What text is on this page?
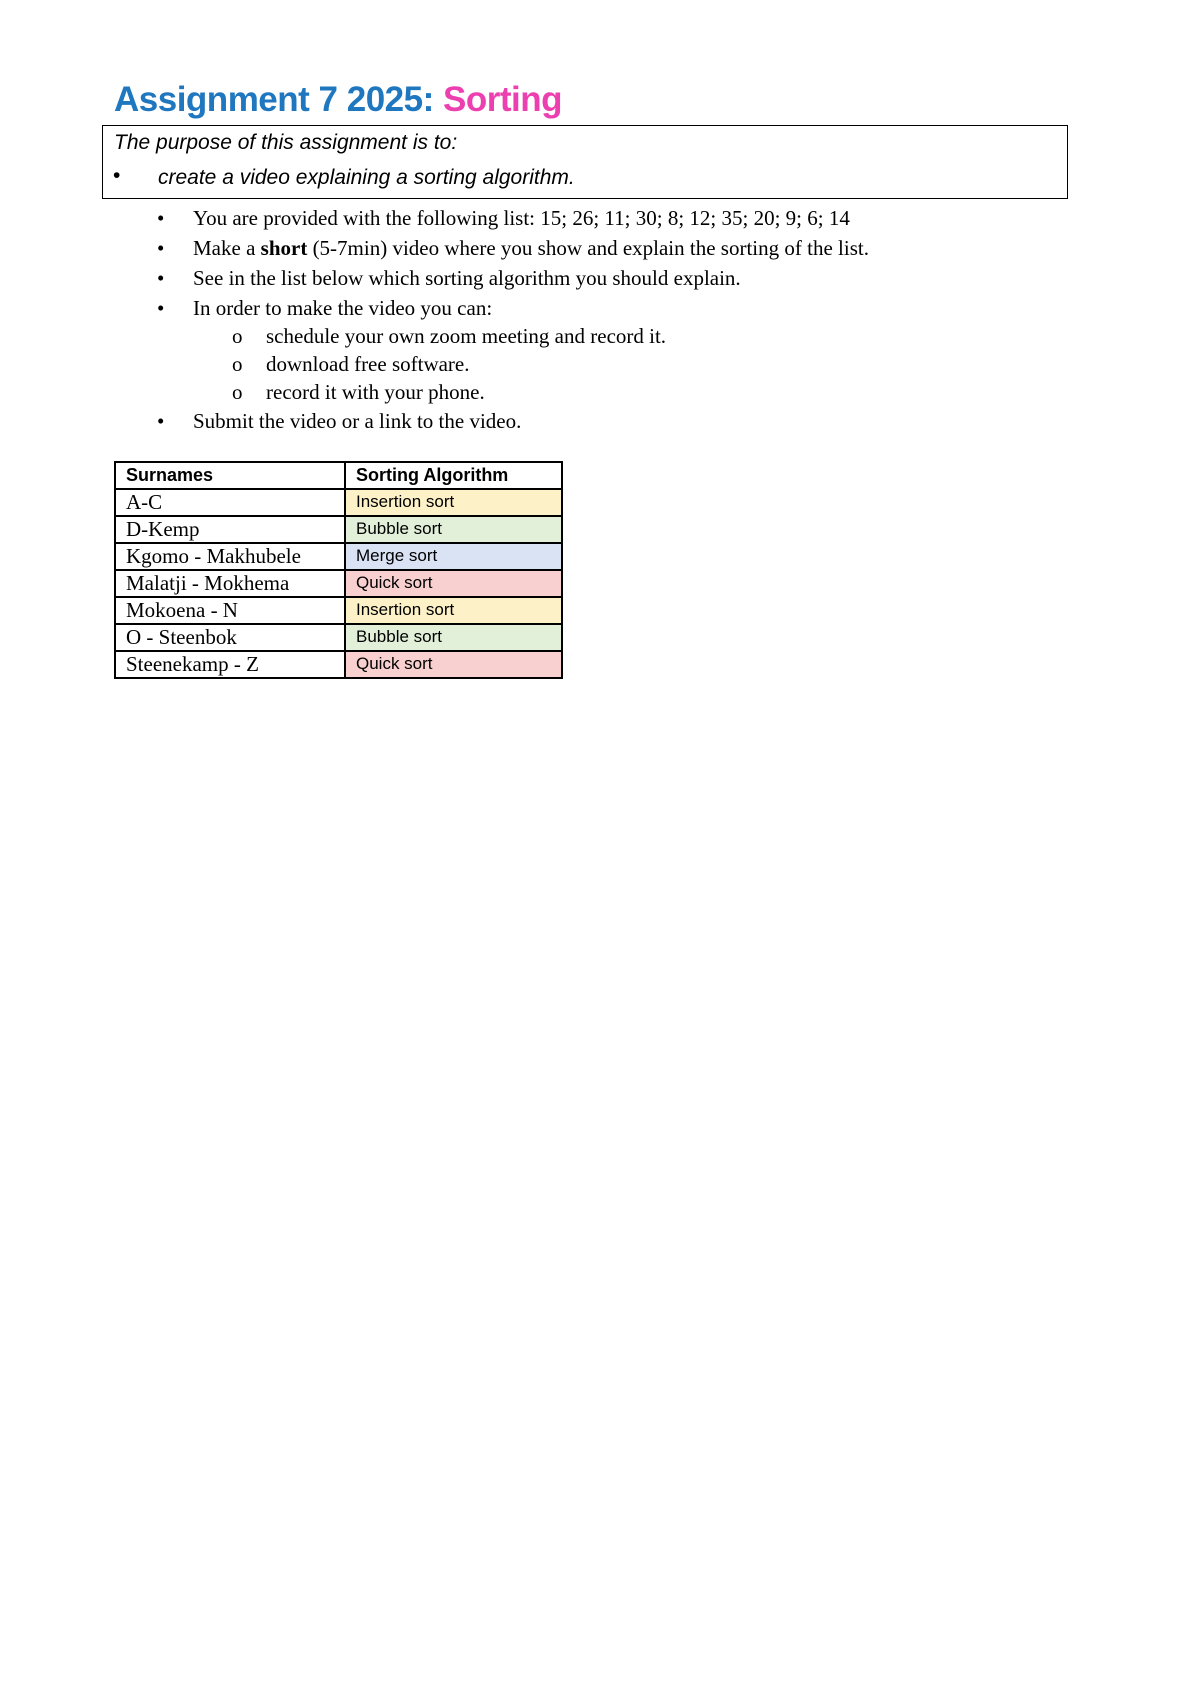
Assignment 7 2025: Sorting
The purpose of this assignment is to:
• create a video explaining a sorting algorithm.
• You are provided with the following list: 15; 26; 11; 30; 8; 12; 35; 20; 9; 6; 14
• Make a short (5-7min) video where you show and explain the sorting of the list.
• See in the list below which sorting algorithm you should explain.
• In order to make the video you can:
o schedule your own zoom meeting and record it.
o download free software.
o record it with your phone.
• Submit the video or a link to the video.
Surnames	Sorting Algorithm
A-C	Insertion sort
D-Kemp	Bubble sort
Kgomo - Makhubele	Merge sort
Malatji - Mokhema	Quick sort
Mokoena - N	Insertion sort
O - Steenbok	Bubble sort
Steenekamp - Z	Quick sort
